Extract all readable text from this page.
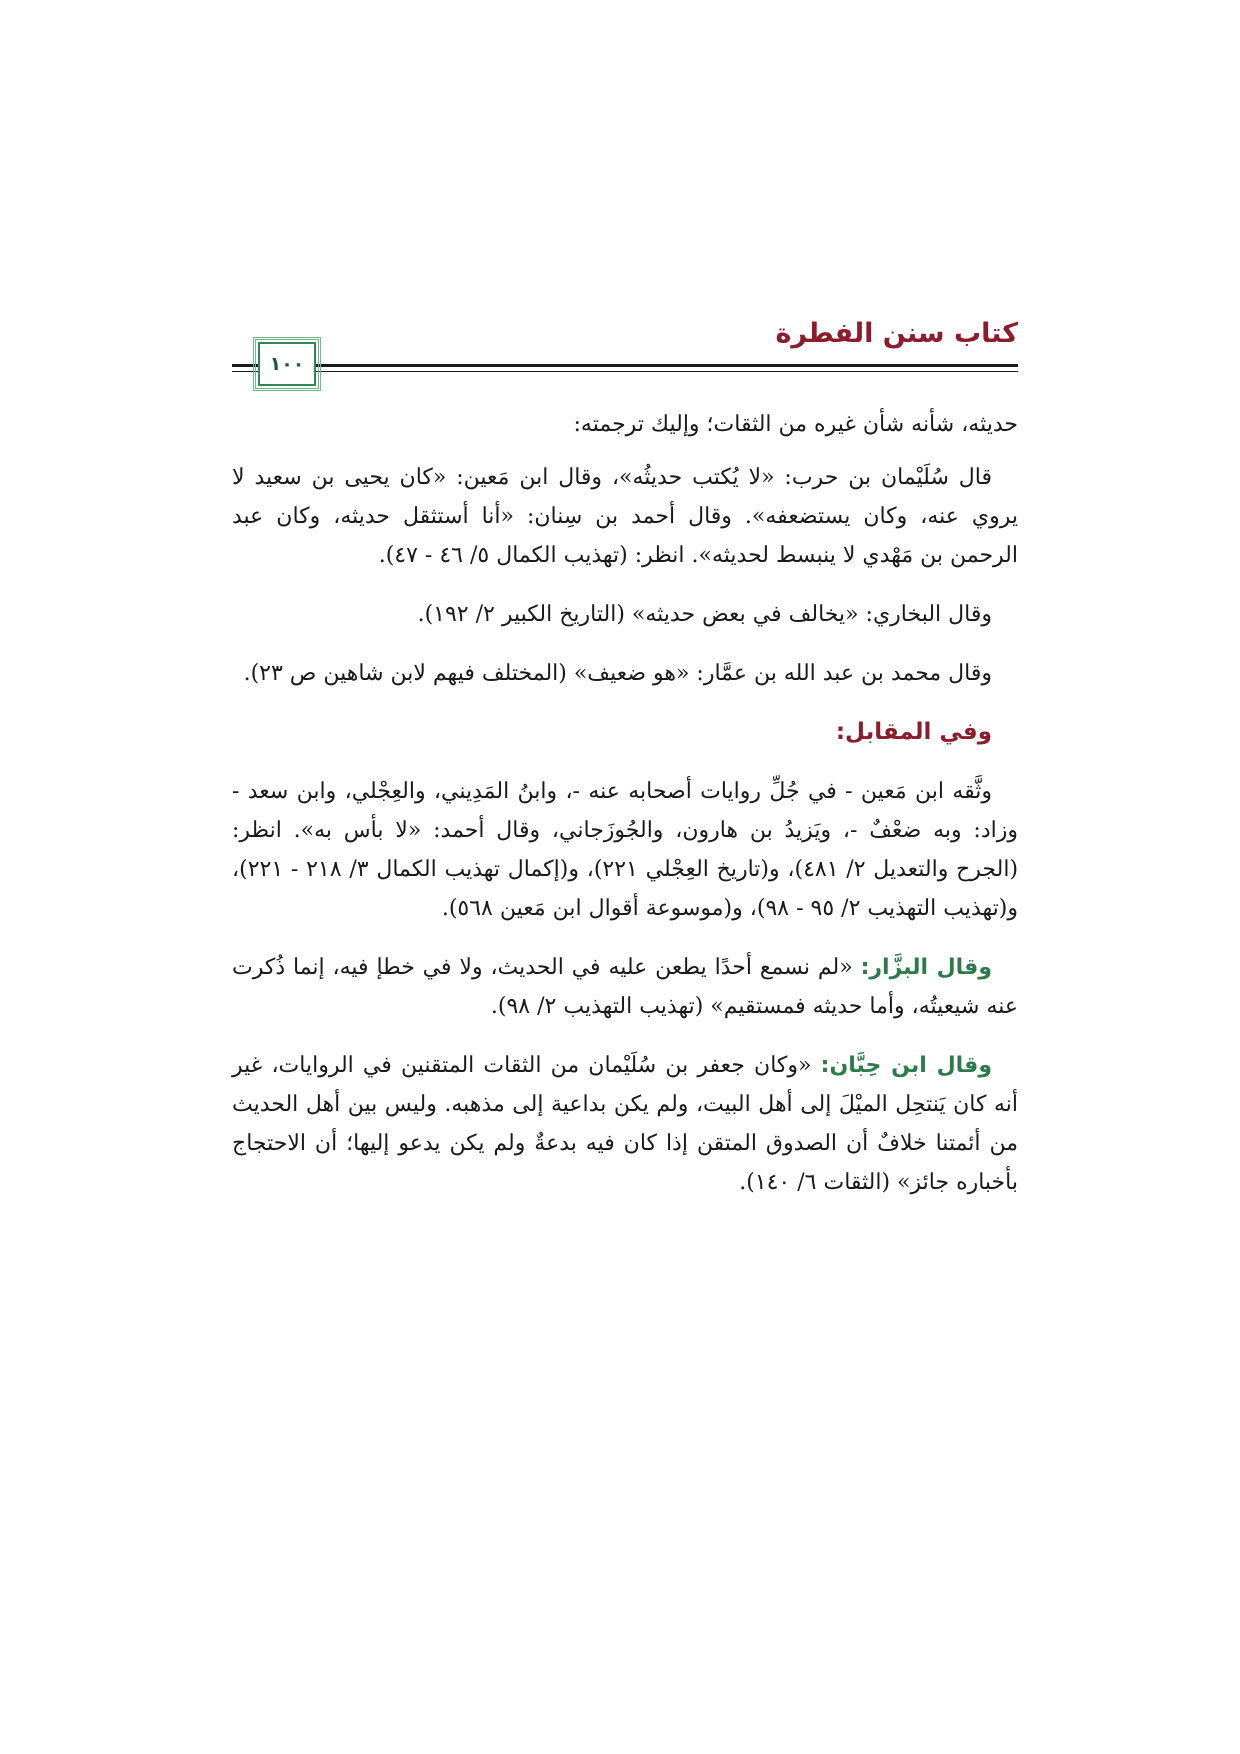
كتاب سنن الفطرة
١٠٠

حديثه، شأنه شأن غيره من الثقات؛ وإليك ترجمته:

قال سُلَيْمان بن حرب: «لا يُكتب حديثُه»، وقال ابن مَعين: «كان يحيى بن سعيد لا يروي عنه، وكان يستضعفه». وقال أحمد بن سِنان: «أنا أستثقل حديثه، وكان عبد الرحمن بن مَهْدي لا ينبسط لحديثه». انظر: (تهذيب الكمال ٥/ ٤٦ - ٤٧).

وقال البخاري: «يخالف في بعض حديثه» (التاريخ الكبير ٢/ ١٩٢).

وقال محمد بن عبد الله بن عمَّار: «هو ضعيف» (المختلف فيهم لابن شاهين ص ٢٣).

وفي المقابل:

وثَّقه ابن مَعين - في جُلِّ روايات أصحابه عنه -، وابنُ المَدِيني، والعِجْلي، وابن سعد - وزاد: وبه ضعْفٌ -، ويَزيدُ بن هارون، والجُوزَجاني، وقال أحمد: «لا بأس به». انظر: (الجرح والتعديل ٢/ ٤٨١)، و(تاريخ العِجْلي ٢٢١)، و(إكمال تهذيب الكمال ٣/ ٢١٨ - ٢٢١)، و(تهذيب التهذيب ٢/ ٩٥ - ٩٨)، و(موسوعة أقوال ابن مَعين ٥٦٨).

وقال البزَّار: «لم نسمع أحدًا يطعن عليه في الحديث، ولا في خطإ فيه، إنما ذُكرت عنه شيعيتُه، وأما حديثه فمستقيم» (تهذيب التهذيب ٢/ ٩٨).

وقال ابن حِبَّان: «وكان جعفر بن سُلَيْمان من الثقات المتقنين في الروايات، غير أنه كان يَنتحِل الميْلَ إلى أهل البيت، ولم يكن بداعية إلى مذهبه. وليس بين أهل الحديث من أئمتنا خلافٌ أن الصدوق المتقن إذا كان فيه بدعةٌ ولم يكن يدعو إليها؛ أن الاحتجاج بأخباره جائز» (الثقات ٦/ ١٤٠).
